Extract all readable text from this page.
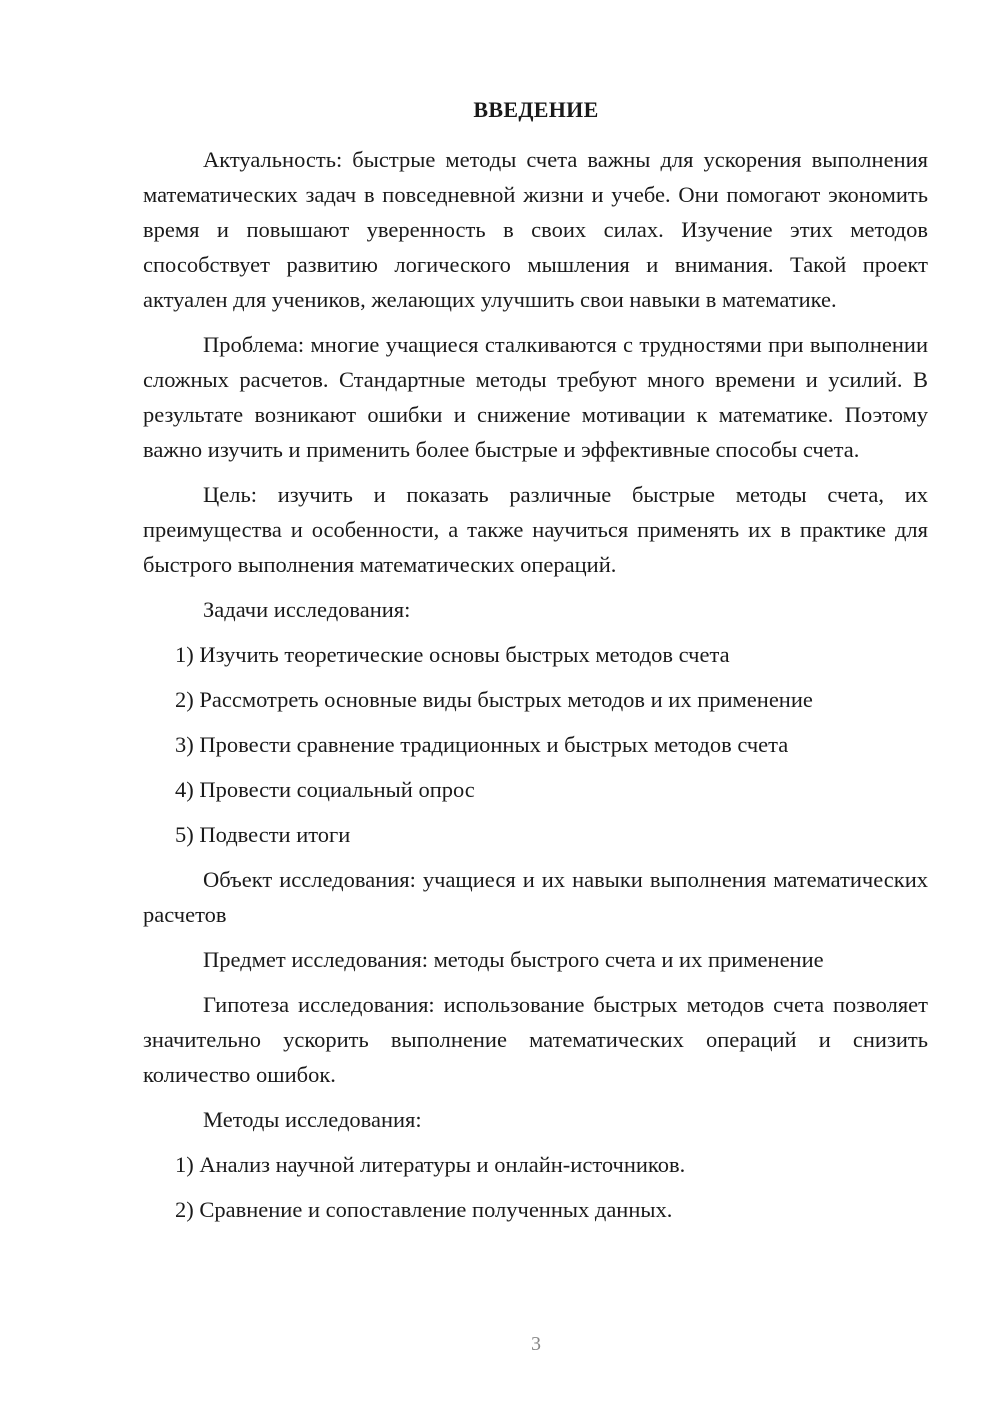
ВВЕДЕНИЕ

Актуальность: быстрые методы счета важны для ускорения выполнения математических задач в повседневной жизни и учебе. Они помогают экономить время и повышают уверенность в своих силах. Изучение этих методов способствует развитию логического мышления и внимания. Такой проект актуален для учеников, желающих улучшить свои навыки в математике.

Проблема: многие учащиеся сталкиваются с трудностями при выполнении сложных расчетов. Стандартные методы требуют много времени и усилий. В результате возникают ошибки и снижение мотивации к математике. Поэтому важно изучить и применить более быстрые и эффективные способы счета.

Цель: изучить и показать различные быстрые методы счета, их преимущества и особенности, а также научиться применять их в практике для быстрого выполнения математических операций.

Задачи исследования:

1) Изучить теоретические основы быстрых методов счета

2) Рассмотреть основные виды быстрых методов и их применение

3) Провести сравнение традиционных и быстрых методов счета

4) Провести социальный опрос

5) Подвести итоги

Объект исследования: учащиеся и их навыки выполнения математических расчетов

Предмет исследования: методы быстрого счета и их применение

Гипотеза исследования: использование быстрых методов счета позволяет значительно ускорить выполнение математических операций и снизить количество ошибок.

Методы исследования:

1) Анализ научной литературы и онлайн-источников.

2) Сравнение и сопоставление полученных данных.

3
